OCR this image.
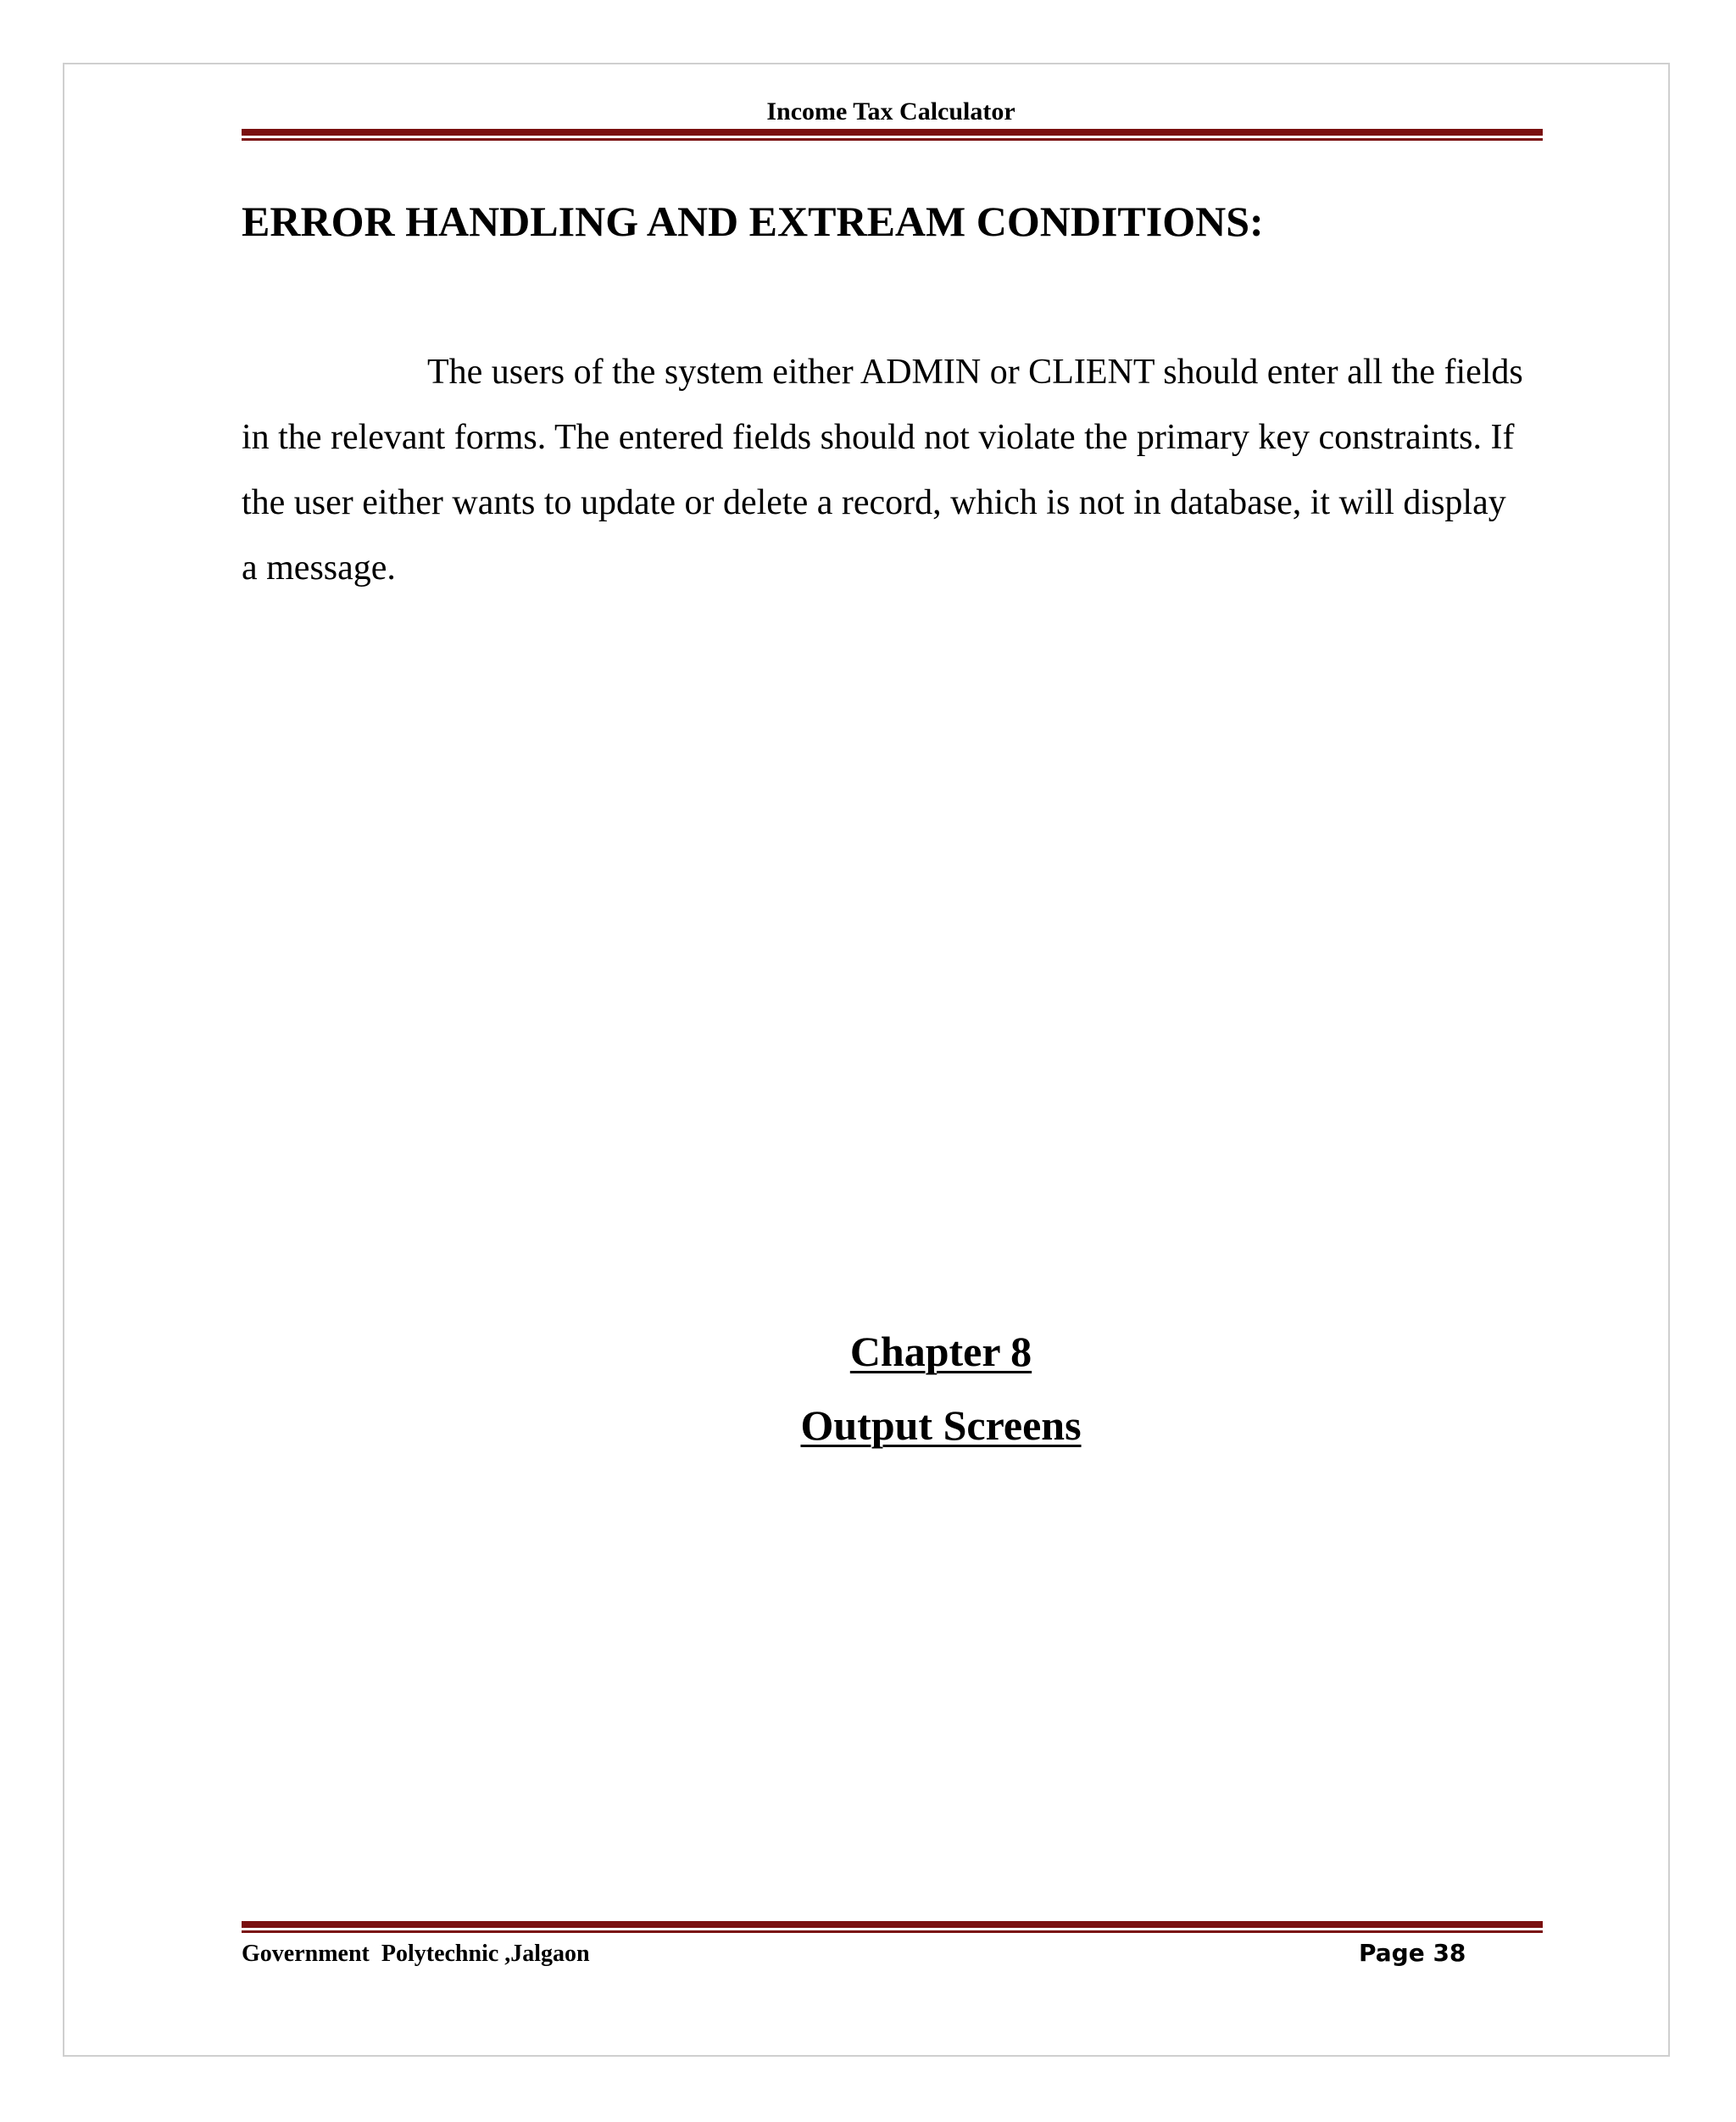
Income Tax Calculator
ERROR HANDLING AND EXTREAM CONDITIONS:

The users of the system either ADMIN or CLIENT should enter all the fields in the relevant forms. The entered fields should not violate the primary key constraints. If the user either wants to update or delete a record, which is not in database, it will display a message.

Chapter 8
Output Screens
Government  Polytechnic ,Jalgaon	Page 38
